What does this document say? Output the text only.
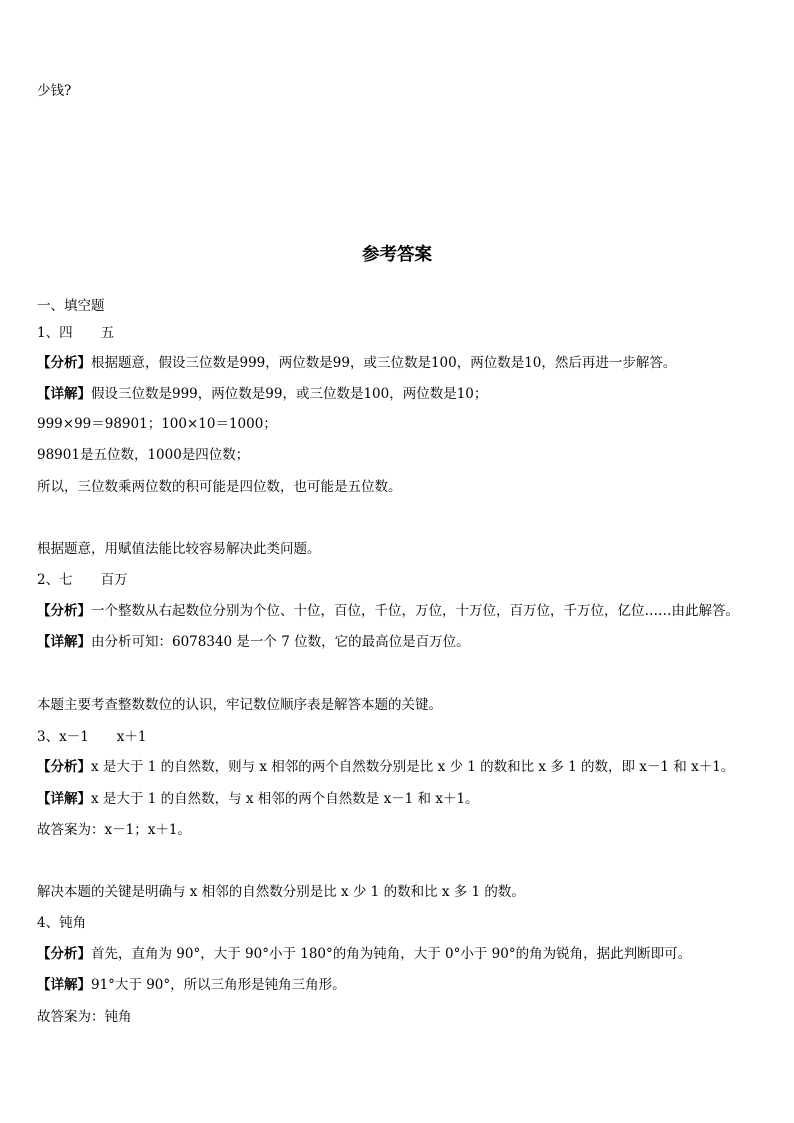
少钱?
参考答案
一、填空题
1、四 五
【分析】根据题意，假设三位数是999，两位数是99，或三位数是100，两位数是10，然后再进一步解答。
【详解】假设三位数是999，两位数是99，或三位数是100，两位数是10；
999×99＝98901；100×10＝1000；
98901是五位数，1000是四位数；
所以，三位数乘两位数的积可能是四位数，也可能是五位数。
根据题意，用赋值法能比较容易解决此类问题。
2、七 百万
【分析】一个整数从右起数位分别为个位、十位，百位，千位，万位，十万位，百万位，千万位，亿位……由此解答。
【详解】由分析可知：6078340 是一个 7 位数，它的最高位是百万位。
本题主要考查整数数位的认识，牢记数位顺序表是解答本题的关键。
3、x－1 x＋1
【分析】x 是大于 1 的自然数，则与 x 相邻的两个自然数分别是比 x 少 1 的数和比 x 多 1 的数，即 x－1 和 x＋1。
【详解】x 是大于 1 的自然数，与 x 相邻的两个自然数是 x－1 和 x＋1。
故答案为：x－1；x＋1。
解决本题的关键是明确与 x 相邻的自然数分别是比 x 少 1 的数和比 x 多 1 的数。
4、钝角
【分析】首先，直角为 90°，大于 90°小于 180°的角为钝角，大于 0°小于 90°的角为锐角，据此判断即可。
【详解】91°大于 90°，所以三角形是钝角三角形。
故答案为：钝角
